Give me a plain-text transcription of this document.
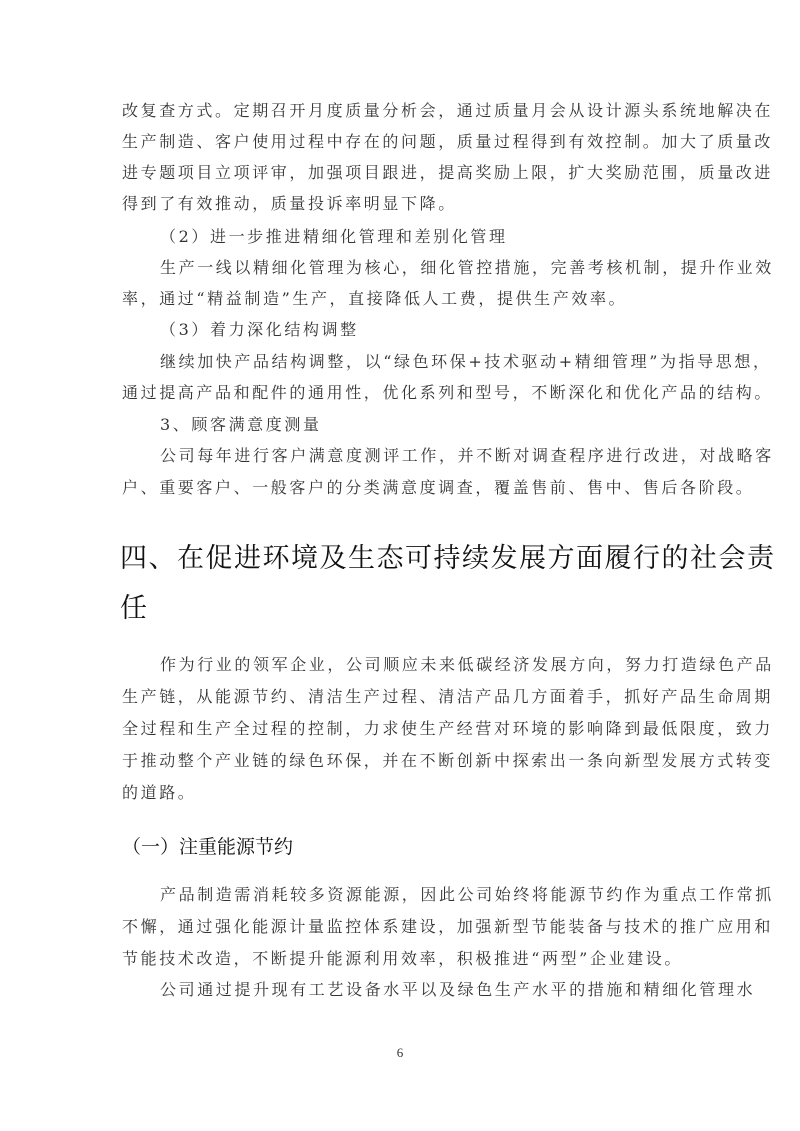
改复查方式。定期召开月度质量分析会，通过质量月会从设计源头系统地解决在
生产制造、客户使用过程中存在的问题，质量过程得到有效控制。加大了质量改
进专题项目立项评审，加强项目跟进，提高奖励上限，扩大奖励范围，质量改进
得到了有效推动，质量投诉率明显下降。
（2）进一步推进精细化管理和差别化管理
生产一线以精细化管理为核心，细化管控措施，完善考核机制，提升作业效
率，通过“精益制造”生产，直接降低人工费，提供生产效率。
（3）着力深化结构调整
继续加快产品结构调整，以“绿色环保+技术驱动+精细管理”为指导思想，
通过提高产品和配件的通用性，优化系列和型号，不断深化和优化产品的结构。
3、顾客满意度测量
公司每年进行客户满意度测评工作，并不断对调查程序进行改进，对战略客
户、重要客户、一般客户的分类满意度调查，覆盖售前、售中、售后各阶段。
四、在促进环境及生态可持续发展方面履行的社会责
任
作为行业的领军企业，公司顺应未来低碳经济发展方向，努力打造绿色产品
生产链，从能源节约、清洁生产过程、清洁产品几方面着手，抓好产品生命周期
全过程和生产全过程的控制，力求使生产经营对环境的影响降到最低限度，致力
于推动整个产业链的绿色环保，并在不断创新中探索出一条向新型发展方式转变
的道路。
（一）注重能源节约
产品制造需消耗较多资源能源，因此公司始终将能源节约作为重点工作常抓
不懈，通过强化能源计量监控体系建设，加强新型节能装备与技术的推广应用和
节能技术改造，不断提升能源利用效率，积极推进“两型”企业建设。
公司通过提升现有工艺设备水平以及绿色生产水平的措施和精细化管理水
6
